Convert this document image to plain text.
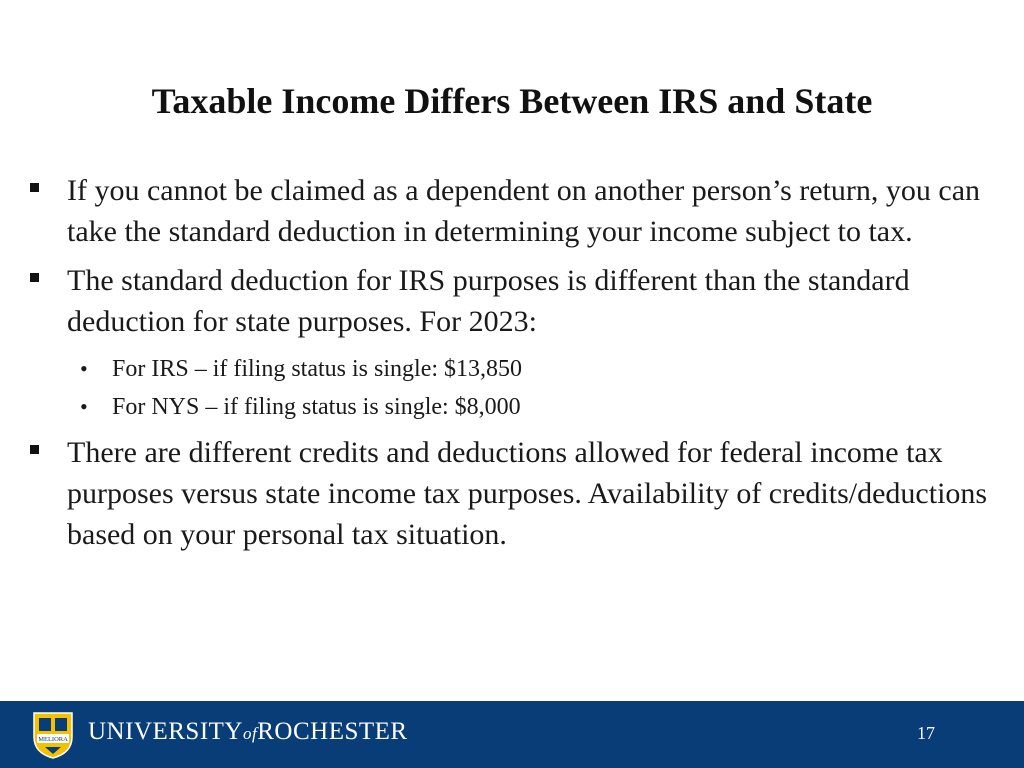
Taxable Income Differs Between IRS and State
If you cannot be claimed as a dependent on another person’s return, you can take the standard deduction in determining your income subject to tax.
The standard deduction for IRS purposes is different than the standard deduction for state purposes. For 2023:
• For IRS – if filing status is single: $13,850
• For NYS – if filing status is single: $8,000
There are different credits and deductions allowed for federal income tax purposes versus state income tax purposes. Availability of credits/deductions based on your personal tax situation.
MELIORA UNIVERSITYofROCHESTER	17
